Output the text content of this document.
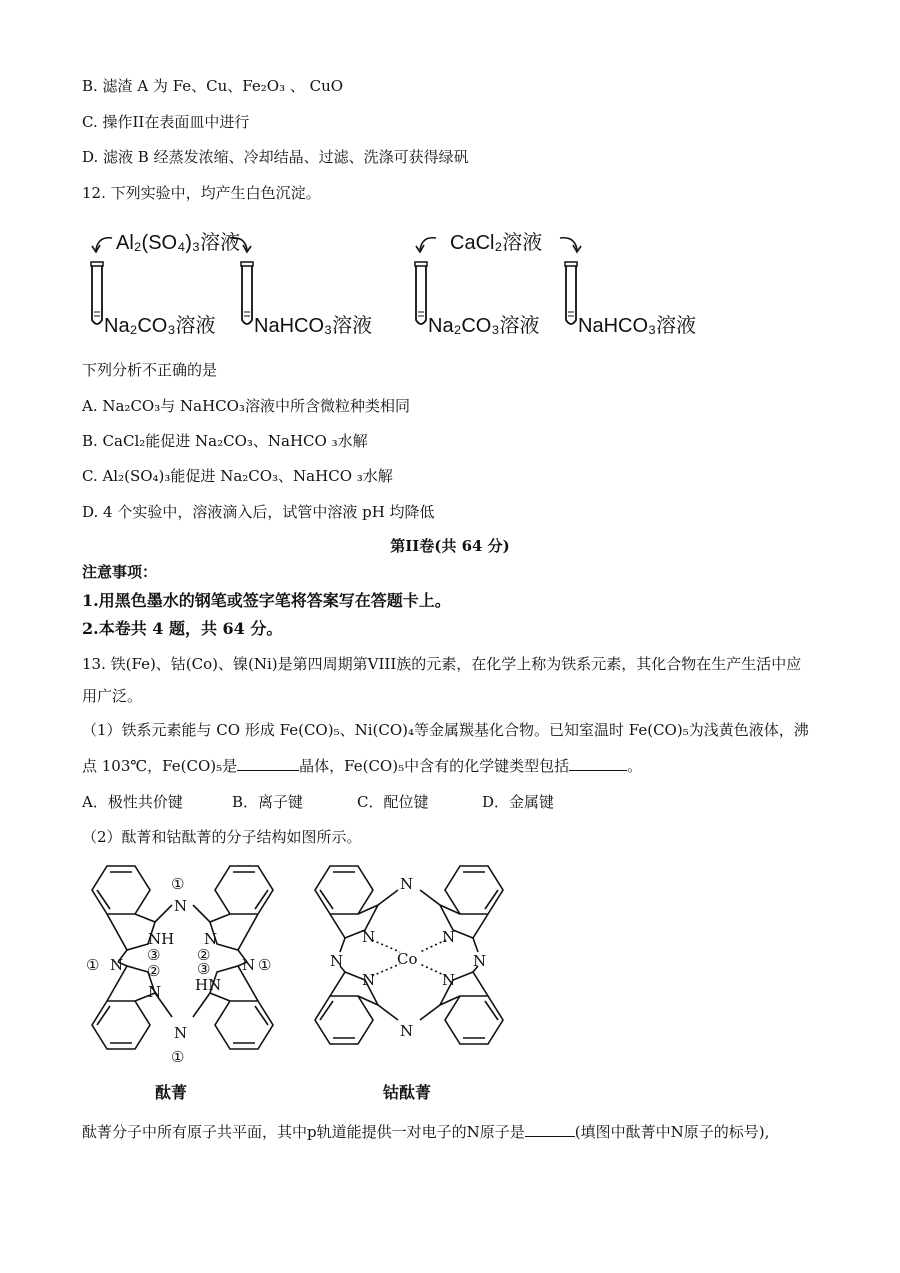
B. 滤渣 A 为 Fe、Cu、Fe₂O₃ 、 CuO
C. 操作II在表面皿中进行
D. 滤液 B 经蒸发浓缩、冷却结晶、过滤、洗涤可获得绿矾
12. 下列实验中，均产生白色沉淀。
Al₂(SO₄)₃溶液	CaCl₂溶液
Na₂CO₃溶液 NaHCO₃溶液	Na₂CO₃溶液 NaHCO₃溶液
下列分析不正确的是
A. Na₂CO₃与 NaHCO₃溶液中所含微粒种类相同
B. CaCl₂能促进 Na₂CO₃、NaHCO ₃水解
C. Al₂(SO₄)₃能促进 Na₂CO₃、NaHCO ₃水解
D. 4 个实验中，溶液滴入后，试管中溶液 pH 均降低
第II卷(共 64 分)
注意事项：
1.用黑色墨水的钢笔或签字笔将答案写在答题卡上。
2.本卷共 4 题，共 64 分。
13. 铁(Fe)、钴(Co)、镍(Ni)是第四周期第VIII族的元素，在化学上称为铁系元素，其化合物在生产生活中应
用广泛。
（1）铁系元素能与 CO 形成 Fe(CO)₅、Ni(CO)₄等金属羰基化合物。已知室温时 Fe(CO)₅为浅黄色液体，沸
点 103℃，Fe(CO)₅是	晶体，Fe(CO)₅中含有的化学键类型包括	。
A．极性共价键	B．离子键	C．配位键	D．金属键
（2）酞菁和钴酞菁的分子结构如图所示。
N
N
N	N
NH
HN
N
N
①
①
①	①
③
②
②
③
N
N
N	N
N	N
N	N
Co
酞菁	钴酞菁
酞菁分子中所有原子共平面，其中p轨道能提供一对电子的N原子是	(填图中酞菁中N原子的标号),
